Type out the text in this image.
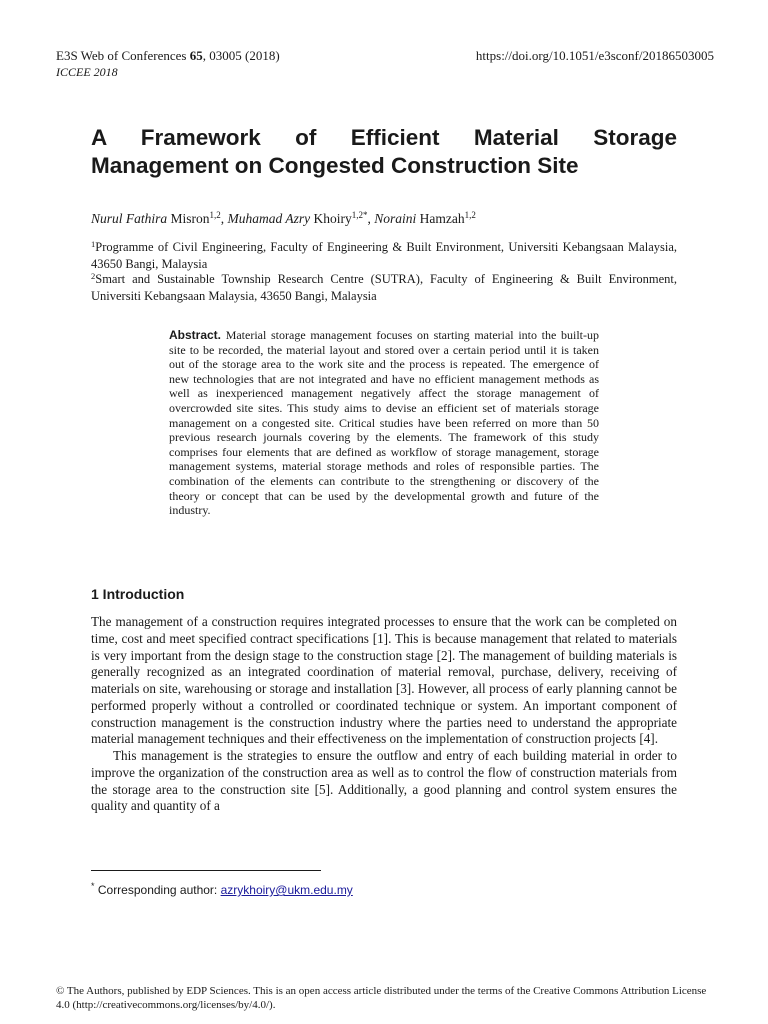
E3S Web of Conferences 65, 03005 (2018)
ICCEE 2018
https://doi.org/10.1051/e3sconf/20186503005
A Framework of Efficient Material Storage Management on Congested Construction Site
Nurul Fathira Misron$^{1,2}$, Muhamad Azry Khoiry$^{1,2*}$, Noraini Hamzah$^{1,2}$
$^1$Programme of Civil Engineering, Faculty of Engineering & Built Environment, Universiti Kebangsaan Malaysia, 43650 Bangi, Malaysia
$^2$Smart and Sustainable Township Research Centre (SUTRA), Faculty of Engineering & Built Environment, Universiti Kebangsaan Malaysia, 43650 Bangi, Malaysia
Abstract. Material storage management focuses on starting material into the built-up site to be recorded, the material layout and stored over a certain period until it is taken out of the storage area to the work site and the process is repeated. The emergence of new technologies that are not integrated and have no efficient management methods as well as inexperienced management negatively affect the storage management of overcrowded site sites. This study aims to devise an efficient set of materials storage management on a congested site. Critical studies have been referred on more than 50 previous research journals covering by the elements. The framework of this study comprises four elements that are defined as workflow of storage management, storage management systems, material storage methods and roles of responsible parties. The combination of the elements can contribute to the strengthening or discovery of the theory or concept that can be used by the developmental growth and future of the industry.
1 Introduction

The management of a construction requires integrated processes to ensure that the work can be completed on time, cost and meet specified contract specifications [1]. This is because management that related to materials is very important from the design stage to the construction stage [2]. The management of building materials is generally recognized as an integrated coordination of material removal, purchase, delivery, receiving of materials on site, warehousing or storage and installation [3]. However, all process of early planning cannot be performed properly without a controlled or coordinated technique or system. An important component of construction management is the construction industry where the parties need to understand the appropriate material management techniques and their effectiveness on the implementation of construction projects [4].

This management is the strategies to ensure the outflow and entry of each building material in order to improve the organization of the construction area as well as to control the flow of construction materials from the storage area to the construction site [5]. Additionally, a good planning and control system ensures the quality and quantity of a

* Corresponding author: azrykhoiry@ukm.edu.my
© The Authors, published by EDP Sciences. This is an open access article distributed under the terms of the Creative Commons Attribution License 4.0 (http://creativecommons.org/licenses/by/4.0/).
